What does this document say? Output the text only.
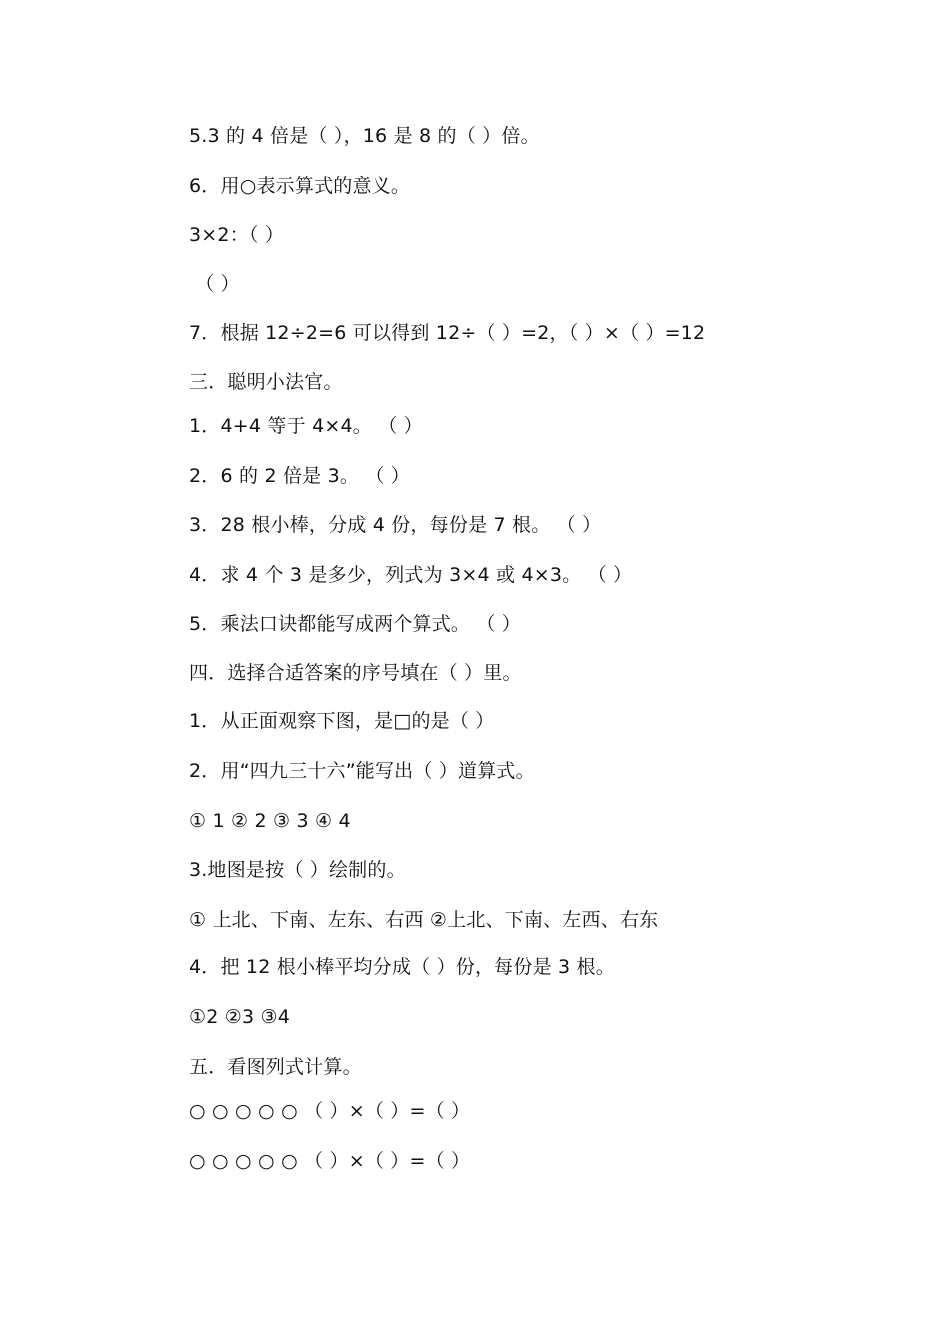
5.3 的 4 倍是（ ），16 是 8 的（ ）倍。
6．用○表示算式的意义。
3×2：（ ）
（ ）
7．根据 12÷2=6 可以得到 12÷（ ）=2，（ ）×（ ）=12
三．聪明小法官。
1．4+4 等于 4×4。 （ ）
2．6 的 2 倍是 3。 （ ）
3．28 根小棒，分成 4 份，每份是 7 根。 （ ）
4．求 4 个 3 是多少，列式为 3×4 或 4×3。 （ ）
5．乘法口诀都能写成两个算式。 （ ）
四．选择合适答案的序号填在（ ）里。
1．从正面观察下图，是□的是（ ）
2．用“四九三十六”能写出（ ）道算式。
① 1 ② 2 ③ 3 ④ 4
3.地图是按（ ）绘制的。
① 上北、下南、左东、右西 ②上北、下南、左西、右东
4．把 12 根小棒平均分成（ ）份，每份是 3 根。
①2 ②3 ③4
五．看图列式计算。
○ ○ ○ ○ ○ （ ）×（ ）=（ ）
○ ○ ○ ○ ○ （ ）×（ ）=（ ）
